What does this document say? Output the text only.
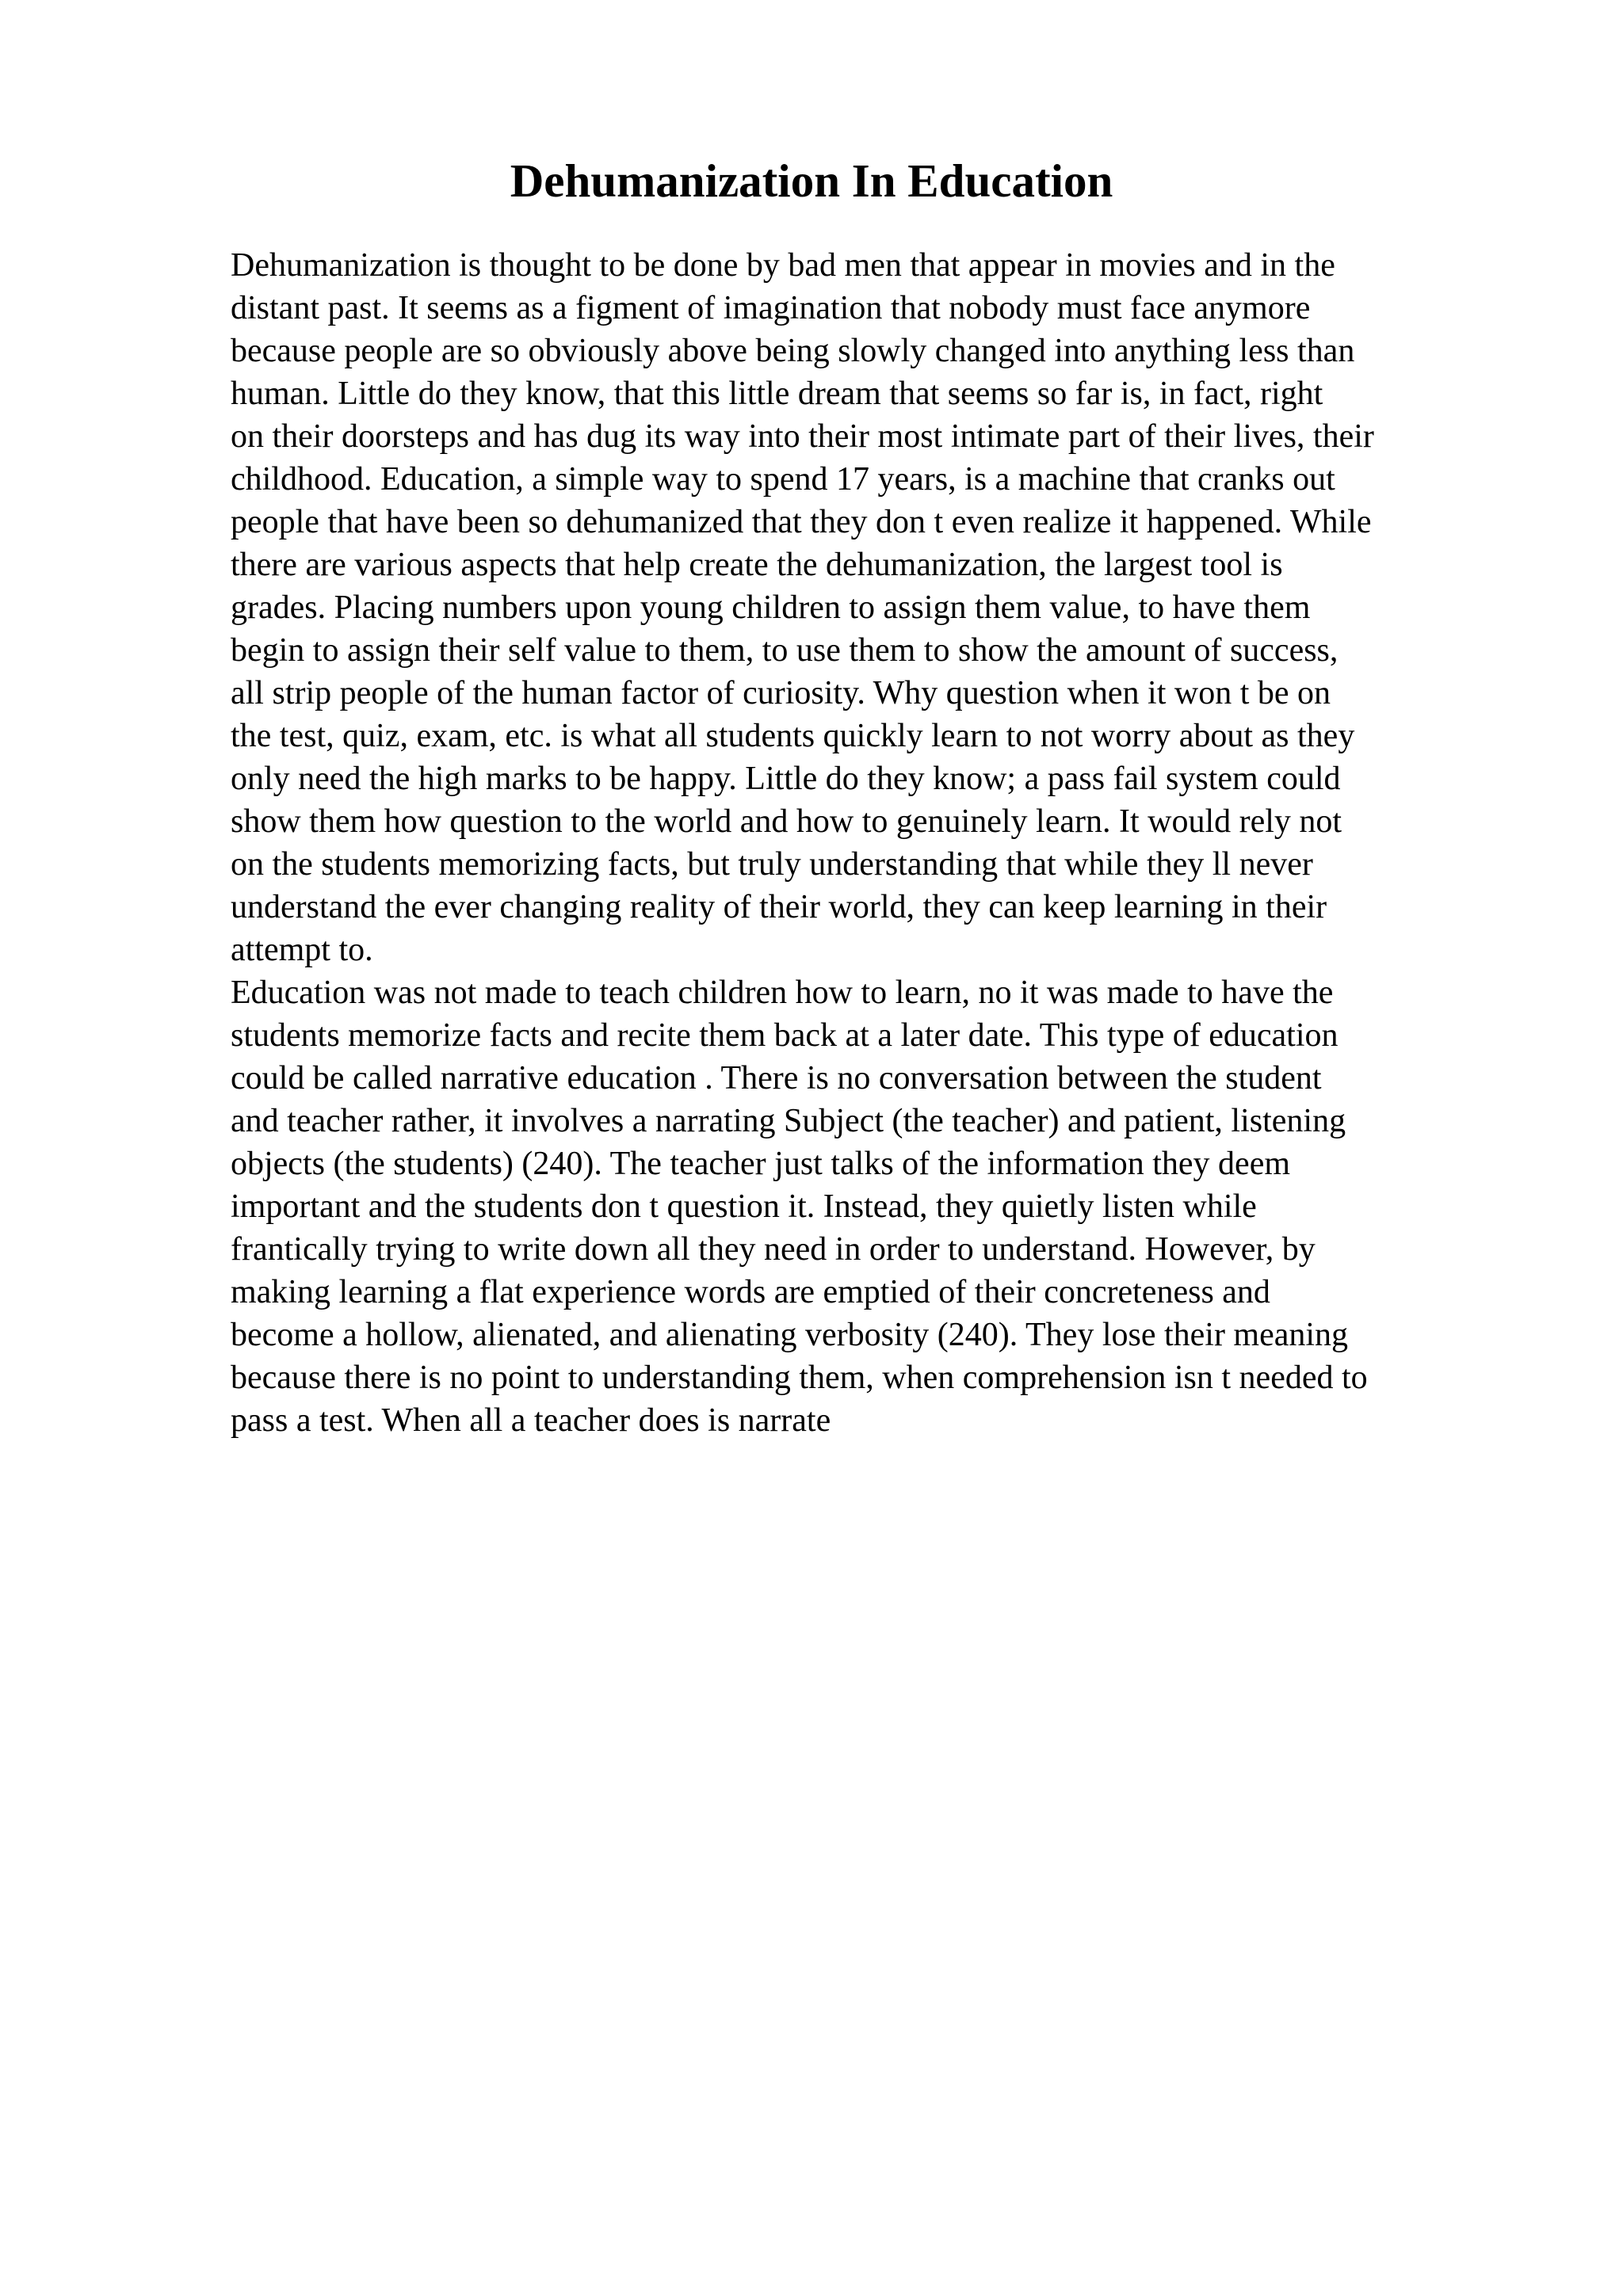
Dehumanization In Education
Dehumanization is thought to be done by bad men that appear in movies and in the
distant past. It seems as a figment of imagination that nobody must face anymore
because people are so obviously above being slowly changed into anything less than
human. Little do they know, that this little dream that seems so far is, in fact, right
on their doorsteps and has dug its way into their most intimate part of their lives, their
childhood. Education, a simple way to spend 17 years, is a machine that cranks out
people that have been so dehumanized that they don t even realize it happened. While
there are various aspects that help create the dehumanization, the largest tool is
grades. Placing numbers upon young children to assign them value, to have them
begin to assign their self value to them, to use them to show the amount of success,
all strip people of the human factor of curiosity. Why question when it won t be on
the test, quiz, exam, etc. is what all students quickly learn to not worry about as they
only need the high marks to be happy. Little do they know; a pass fail system could
show them how question to the world and how to genuinely learn. It would rely not
on the students memorizing facts, but truly understanding that while they ll never
understand the ever changing reality of their world, they can keep learning in their
attempt to.
Education was not made to teach children how to learn, no it was made to have the
students memorize facts and recite them back at a later date. This type of education
could be called narrative education . There is no conversation between the student
and teacher rather, it involves a narrating Subject (the teacher) and patient, listening
objects (the students) (240). The teacher just talks of the information they deem
important and the students don t question it. Instead, they quietly listen while
frantically trying to write down all they need in order to understand. However, by
making learning a flat experience words are emptied of their concreteness and
become a hollow, alienated, and alienating verbosity (240). They lose their meaning
because there is no point to understanding them, when comprehension isn t needed to
pass a test. When all a teacher does is narrate
